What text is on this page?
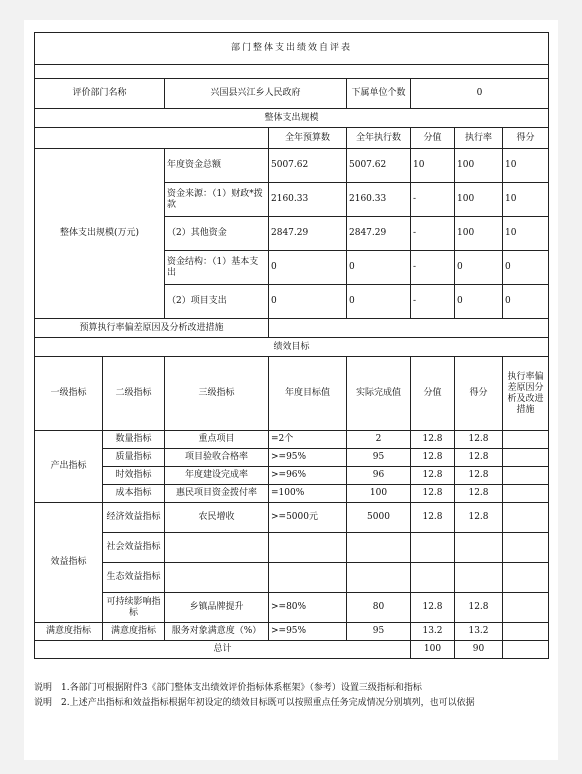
部门整体支出绩效自评表							

评价部门名称		兴国县兴江乡人民政府		下属单位个数	0		
整体支出规模							
			全年预算数	全年执行数	分值	执行率	得分
整体支出规模(万元)		年度资金总额	5007.62	5007.62	10	100	10
		资金来源：（1）财政*拨款	2160.33	2160.33	-	100	10
		（2）其他资金	2847.29	2847.29	-	100	10
		资金结构：（1）基本支出	0	0	-	0	0
		（2）项目支出	0	0	-	0	0
预算执行率偏差原因及分析改进措施							
绩效目标							
一级指标	二级指标	三级指标	年度目标值	实际完成值	分值	得分	执行率偏差原因分析及改进措施
产出指标	数量指标	重点项目	=2个	2	12.8	12.8	
	质量指标	项目验收合格率	>=95%	95	12.8	12.8	
	时效指标	年度建设完成率	>=96%	96	12.8	12.8	
	成本指标	惠民项目资金拨付率	=100%	100	12.8	12.8	
效益指标	经济效益指标	农民增收	>=5000元	5000	12.8	12.8	
	社会效益指标						
	生态效益指标						
	可持续影响指标	乡镇品牌提升	>=80%	80	12.8	12.8	
满意度指标	满意度指标	服务对象满意度（%）	>=95%	95	13.2	13.2	
总计					100	90	
说明　1.各部门可根据附件3《部门整体支出绩效评价指标体系框架》（参考）设置三级指标和指标
说明　2.上述产出指标和效益指标根据年初设定的绩效目标既可以按照重点任务完成情况分别填列，也可以依据
